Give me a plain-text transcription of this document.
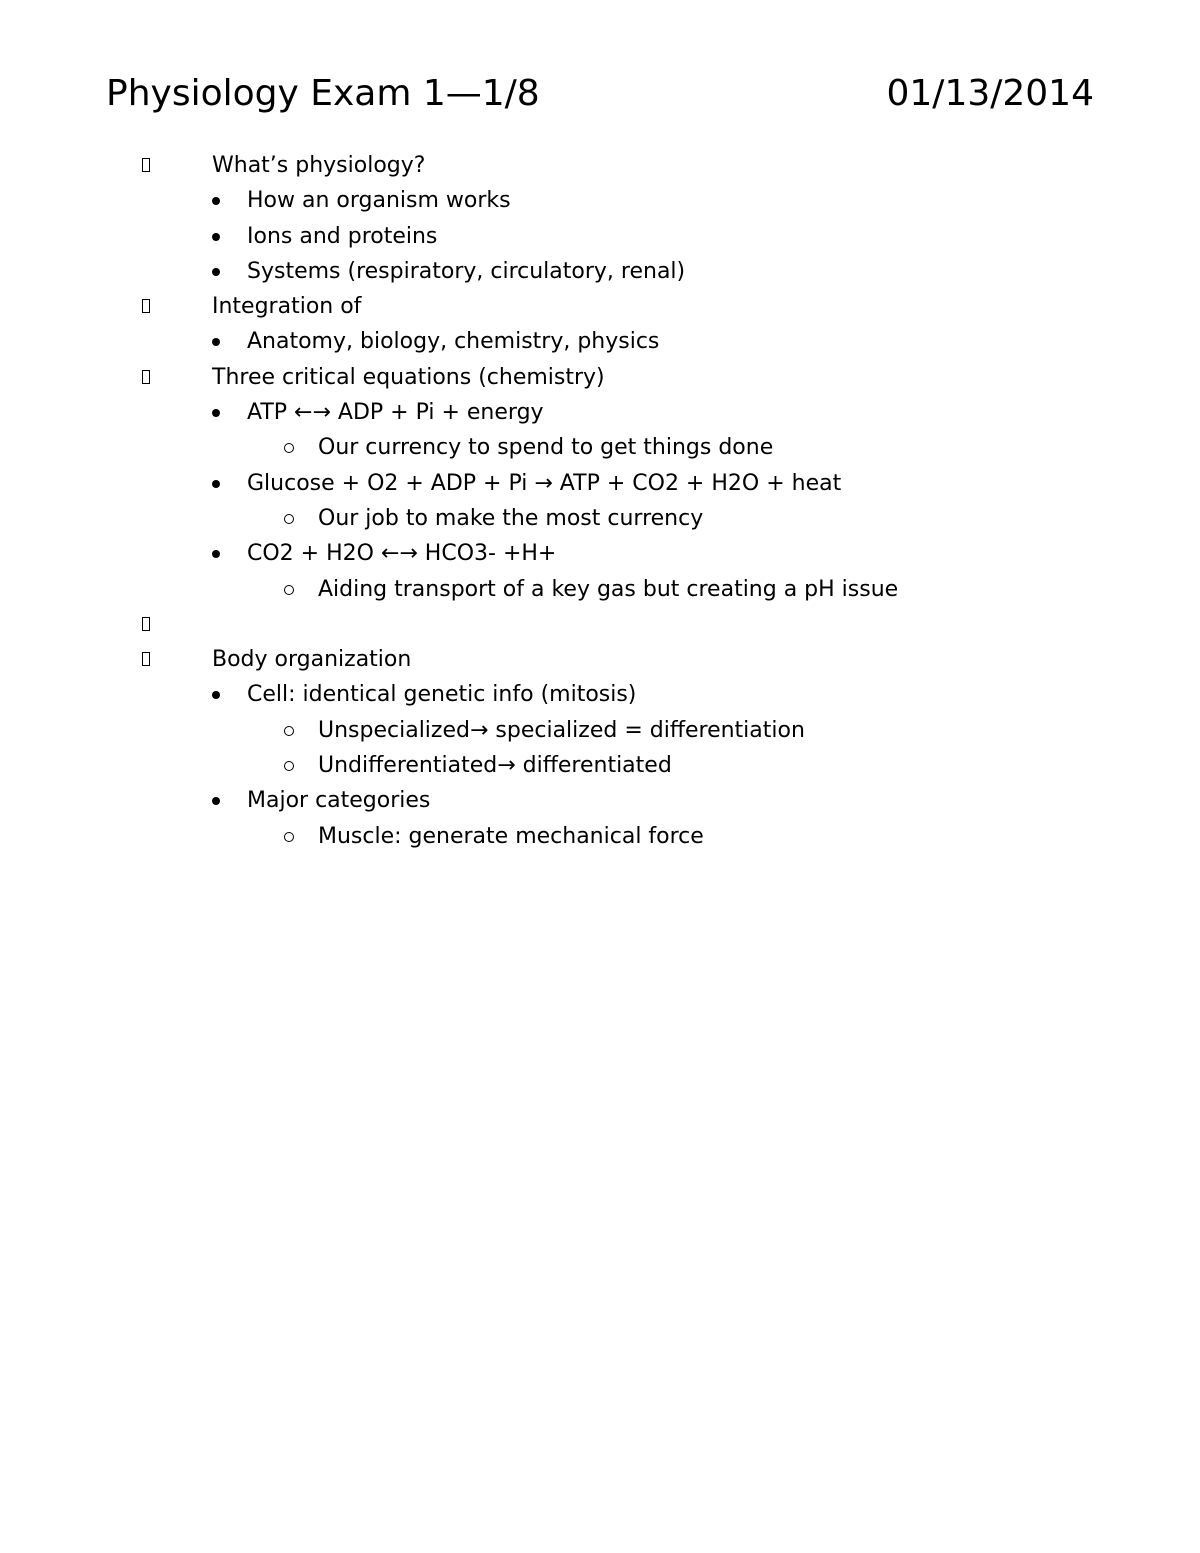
Physiology Exam 1—1/8	01/13/2014
What’s physiology?
How an organism works
Ions and proteins
Systems (respiratory, circulatory, renal)
Integration of
Anatomy, biology, chemistry, physics
Three critical equations (chemistry)
ATP ←→ ADP + Pi + energy
Our currency to spend to get things done
Glucose + O2 + ADP + Pi → ATP + CO2 + H2O + heat
Our job to make the most currency
CO2 + H2O ←→ HCO3- +H+
Aiding transport of a key gas but creating a pH issue
Body organization
Cell: identical genetic info (mitosis)
Unspecialized→ specialized = differentiation
Undifferentiated→ differentiated
Major categories
Muscle: generate mechanical force
